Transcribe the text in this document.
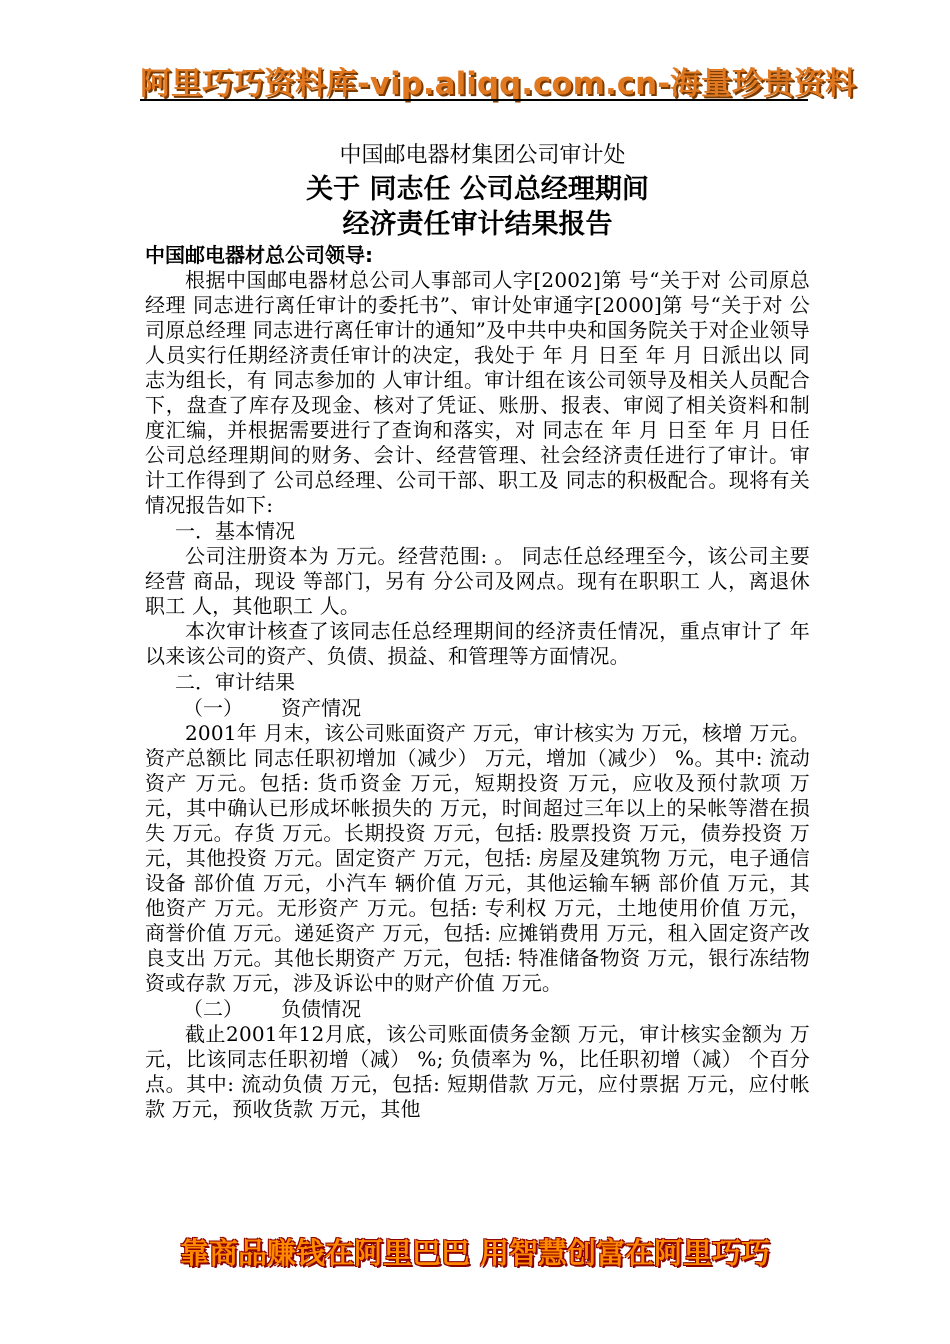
阿里巧巧资料库-vip.aliqq.com.cn-海量珍贵资料
中国邮电器材集团公司审计处
关于 同志任 公司总经理期间
经济责任审计结果报告
中国邮电器材总公司领导:

根据中国邮电器材总公司人事部司人字[2002]第 号“关于对 公司原总经理 同志进行离任审计的委托书”、审计处审通字[2000]第 号“关于对 公司原总经理 同志进行离任审计的通知”及中共中央和国务院关于对企业领导人员实行任期经济责任审计的决定，我处于 年 月 日至 年 月 日派出以 同志为组长，有 同志参加的 人审计组。审计组在该公司领导及相关人员配合下，盘查了库存及现金、核对了凭证、账册、报表、审阅了相关资料和制度汇编，并根据需要进行了查询和落实，对 同志在 年 月 日至 年 月 日任 公司总经理期间的财务、会计、经营管理、社会经济责任进行了审计。审计工作得到了 公司总经理、公司干部、职工及 同志的积极配合。现将有关情况报告如下:

一．基本情况

公司注册资本为 万元。经营范围: 。 同志任总经理至今，该公司主要经营 商品，现设 等部门，另有 分公司及网点。现有在职职工 人，离退休职工 人，其他职工 人。

本次审计核查了该同志任总经理期间的经济责任情况，重点审计了 年以来该公司的资产、负债、损益、和管理等方面情况。

二．审计结果

（一）      资产情况

2001年 月末，该公司账面资产 万元，审计核实为 万元，核增 万元。资产总额比 同志任职初增加（减少） 万元，增加（减少） %。其中: 流动资产 万元。包括: 货币资金 万元，短期投资 万元，应收及预付款项 万元，其中确认已形成坏帐损失的 万元，时间超过三年以上的呆帐等潜在损失 万元。存货 万元。长期投资 万元，包括: 股票投资 万元，债券投资 万元，其他投资 万元。固定资产 万元，包括: 房屋及建筑物 万元，电子通信设备 部价值 万元，小汽车 辆价值 万元，其他运输车辆 部价值 万元，其他资产 万元。无形资产 万元。包括: 专利权 万元，土地使用价值 万元，商誉价值 万元。递延资产 万元，包括: 应摊销费用 万元，租入固定资产改良支出 万元。其他长期资产 万元，包括: 特准储备物资 万元，银行冻结物资或存款 万元，涉及诉讼中的财产价值 万元。

（二）      负债情况

截止2001年12月底，该公司账面债务金额 万元，审计核实金额为 万元，比该同志任职初增（减） %; 负债率为 %，比任职初增（减） 个百分点。其中: 流动负债 万元，包括: 短期借款 万元，应付票据 万元，应付帐款 万元，预收货款 万元，其他

靠商品赚钱在阿里巴巴 用智慧创富在阿里巧巧
